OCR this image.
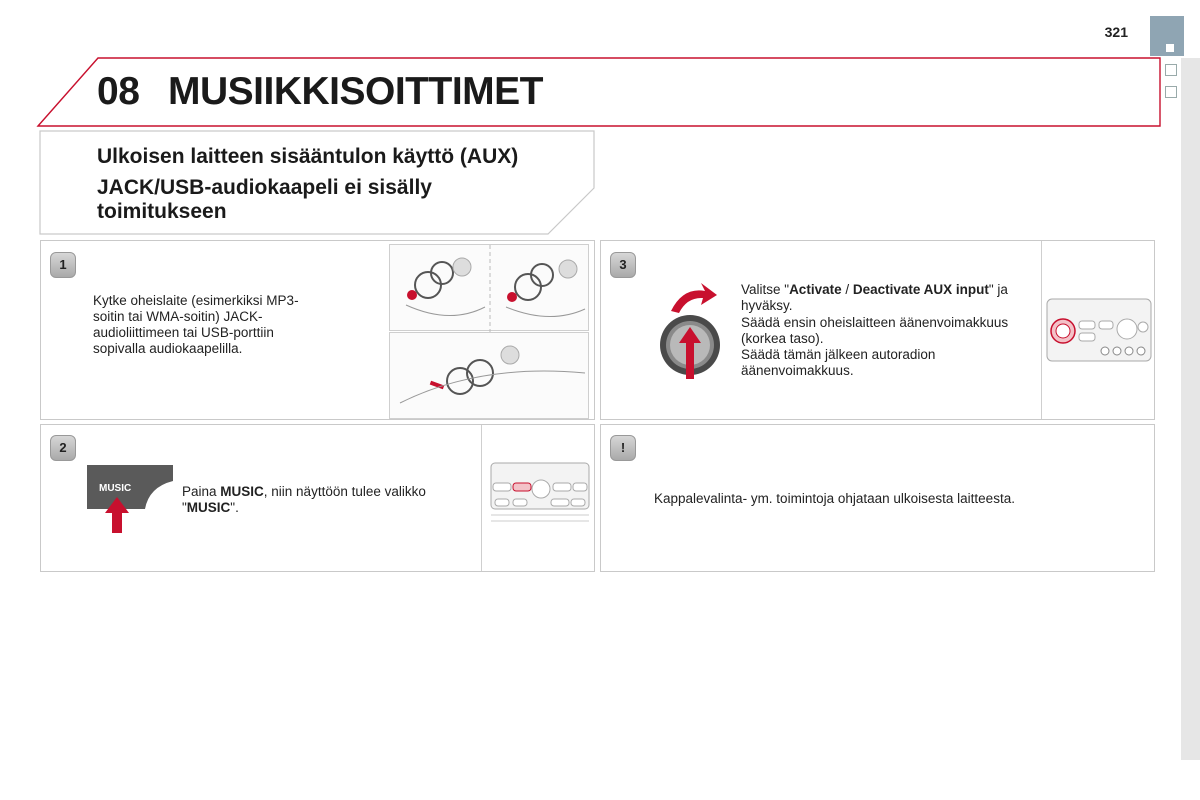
321
08 MUSIIKKISOITTIMET
Ulkoisen laitteen sisääntulon käyttö (AUX)
JACK/USB-audiokaapeli ei sisälly
toimitukseen
1
Kytke oheislaite (esimerkiksi MP3-soitin tai WMA-soitin) JACK-audioliittimeen tai USB-porttiin sopivalla audiokaapelilla.
2
MUSIC	Paina MUSIC, niin näyttöön tulee valikko "MUSIC".
3
Valitse "Activate / Deactivate AUX input" ja hyväksy.
Säädä ensin oheislaitteen äänenvoimakkuus (korkea taso).
Säädä tämän jälkeen autoradion äänenvoimakkuus.
!
Kappalevalinta- ym. toimintoja ohjataan ulkoisesta laitteesta.
